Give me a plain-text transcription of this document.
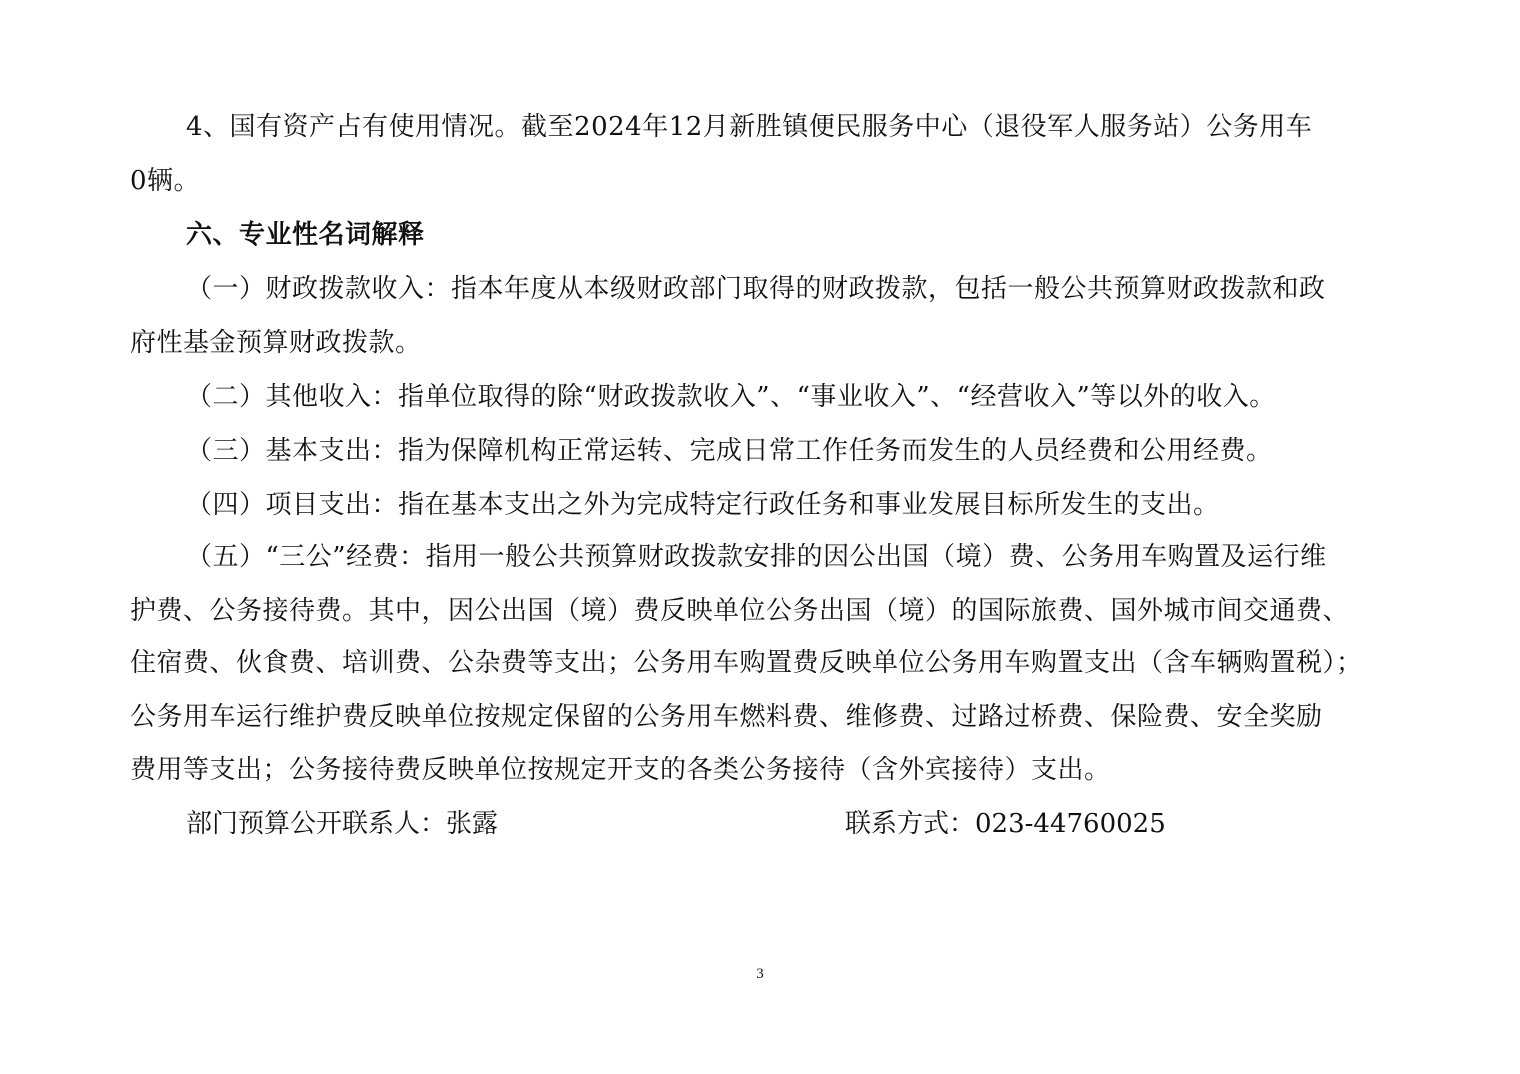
4、国有资产占有使用情况。截至2024年12月新胜镇便民服务中心（退役军人服务站）公务用车
0辆。
六、专业性名词解释
（一）财政拨款收入：指本年度从本级财政部门取得的财政拨款，包括一般公共预算财政拨款和政
府性基金预算财政拨款。
（二）其他收入：指单位取得的除“财政拨款收入”、“事业收入”、“经营收入”等以外的收入。
（三）基本支出：指为保障机构正常运转、完成日常工作任务而发生的人员经费和公用经费。
（四）项目支出：指在基本支出之外为完成特定行政任务和事业发展目标所发生的支出。
（五）“三公”经费：指用一般公共预算财政拨款安排的因公出国（境）费、公务用车购置及运行维
护费、公务接待费。其中，因公出国（境）费反映单位公务出国（境）的国际旅费、国外城市间交通费、
住宿费、伙食费、培训费、公杂费等支出；公务用车购置费反映单位公务用车购置支出（含车辆购置税）；
公务用车运行维护费反映单位按规定保留的公务用车燃料费、维修费、过路过桥费、保险费、安全奖励
费用等支出；公务接待费反映单位按规定开支的各类公务接待（含外宾接待）支出。
部门预算公开联系人：张露	联系方式：023-44760025
3
